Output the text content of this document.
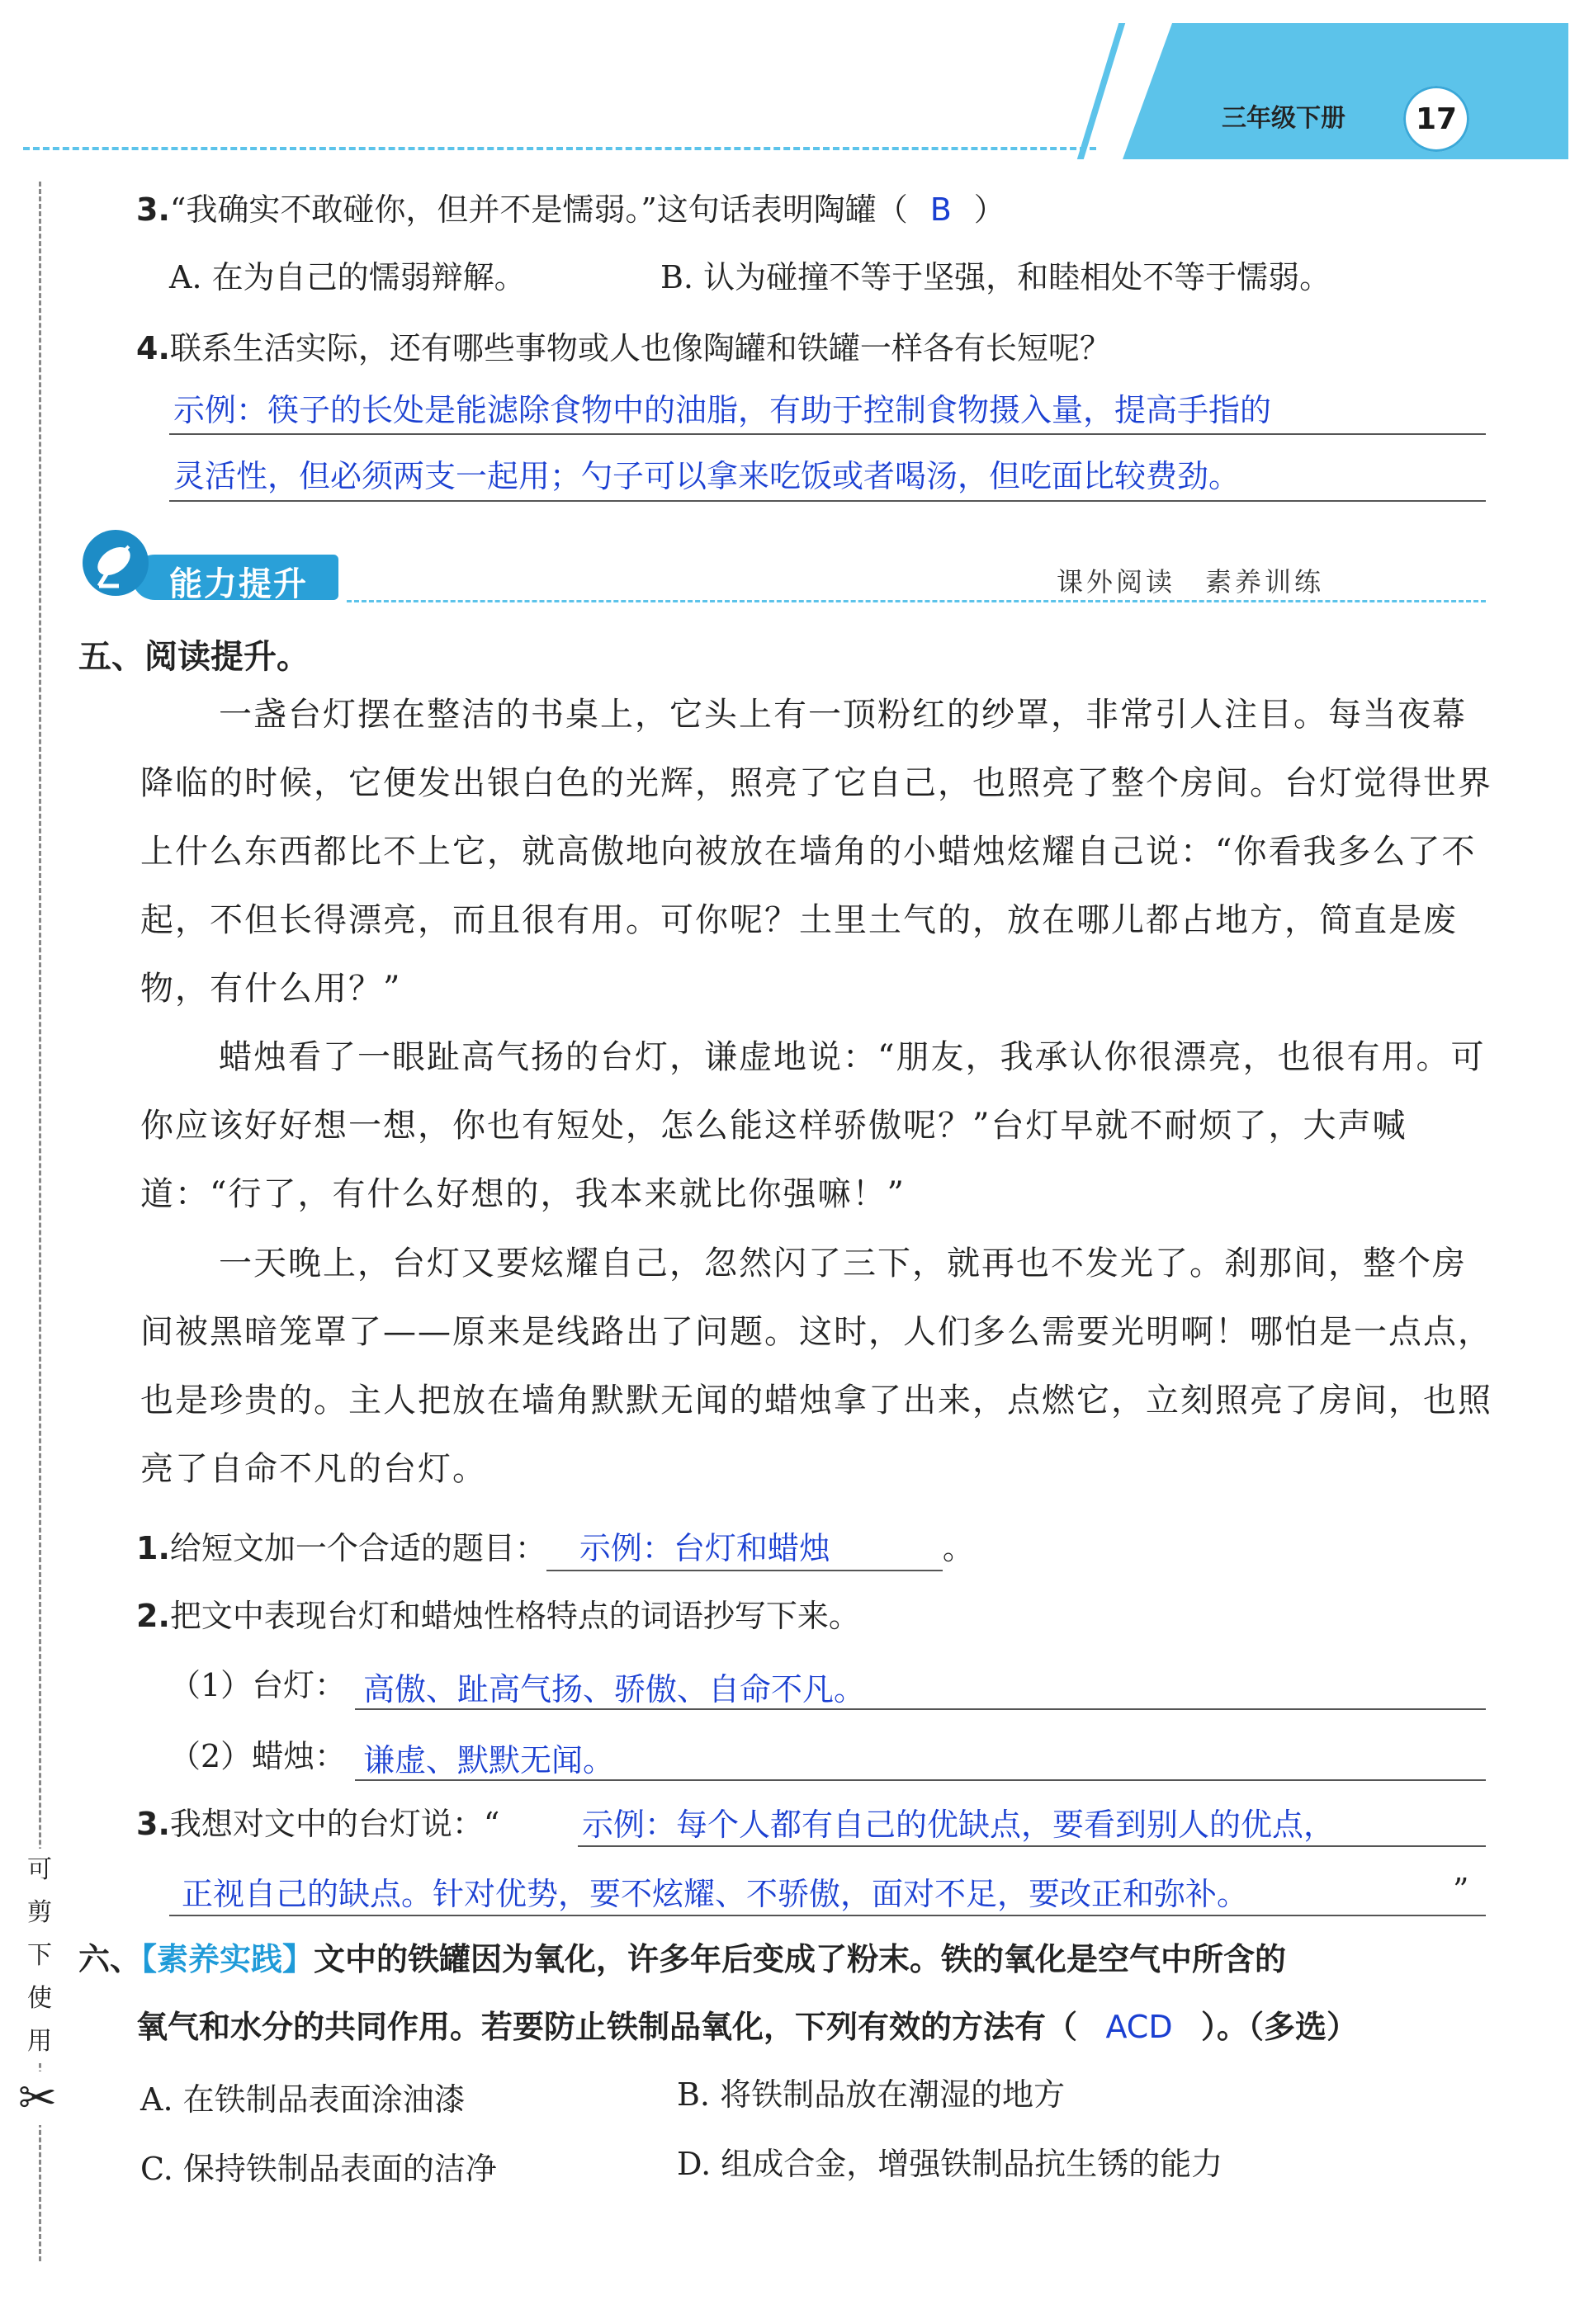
三年级下册	17
可剪下使用
✂
3.“我确实不敢碰你，但并不是懦弱。”这句话表明陶罐（ B ）
A. 在为自己的懦弱辩解。	B. 认为碰撞不等于坚强，和睦相处不等于懦弱。
4.联系生活实际，还有哪些事物或人也像陶罐和铁罐一样各有长短呢？
示例：筷子的长处是能滤除食物中的油脂，有助于控制食物摄入量，提高手指的
灵活性，但必须两支一起用；勺子可以拿来吃饭或者喝汤，但吃面比较费劲。
能力提升	课外阅读　素养训练
五、阅读提升。
一盏台灯摆在整洁的书桌上，它头上有一顶粉红的纱罩，非常引人注目。每当夜幕降临的时候，它便发出银白色的光辉，照亮了它自己，也照亮了整个房间。台灯觉得世界上什么东西都比不上它，就高傲地向被放在墙角的小蜡烛炫耀自己说：“你看我多么了不起，不但长得漂亮，而且很有用。可你呢？土里土气的，放在哪儿都占地方，简直是废物，有什么用？”
蜡烛看了一眼趾高气扬的台灯，谦虚地说：“朋友，我承认你很漂亮，也很有用。可你应该好好想一想，你也有短处，怎么能这样骄傲呢？”台灯早就不耐烦了，大声喊道：“行了，有什么好想的，我本来就比你强嘛！”
一天晚上，台灯又要炫耀自己，忽然闪了三下，就再也不发光了。刹那间，整个房间被黑暗笼罩了——原来是线路出了问题。这时，人们多么需要光明啊！哪怕是一点点，也是珍贵的。主人把放在墙角默默无闻的蜡烛拿了出来，点燃它，立刻照亮了房间，也照亮了自命不凡的台灯。
1.给短文加一个合适的题目： 示例：台灯和蜡烛	。
2.把文中表现台灯和蜡烛性格特点的词语抄写下来。
（1）台灯： 高傲、趾高气扬、骄傲、自命不凡。
（2）蜡烛： 谦虚、默默无闻。
3.我想对文中的台灯说：“	示例：每个人都有自己的优缺点，要看到别人的优点，
正视自己的缺点。针对优势，要不炫耀、不骄傲，面对不足，要改正和弥补。	”
六、【素养实践】文中的铁罐因为氧化，许多年后变成了粉末。铁的氧化是空气中所含的
氧气和水分的共同作用。若要防止铁制品氧化，下列有效的方法有（ ACD ）。（多选）
A. 在铁制品表面涂油漆	B. 将铁制品放在潮湿的地方
C. 保持铁制品表面的洁净	D. 组成合金，增强铁制品抗生锈的能力
